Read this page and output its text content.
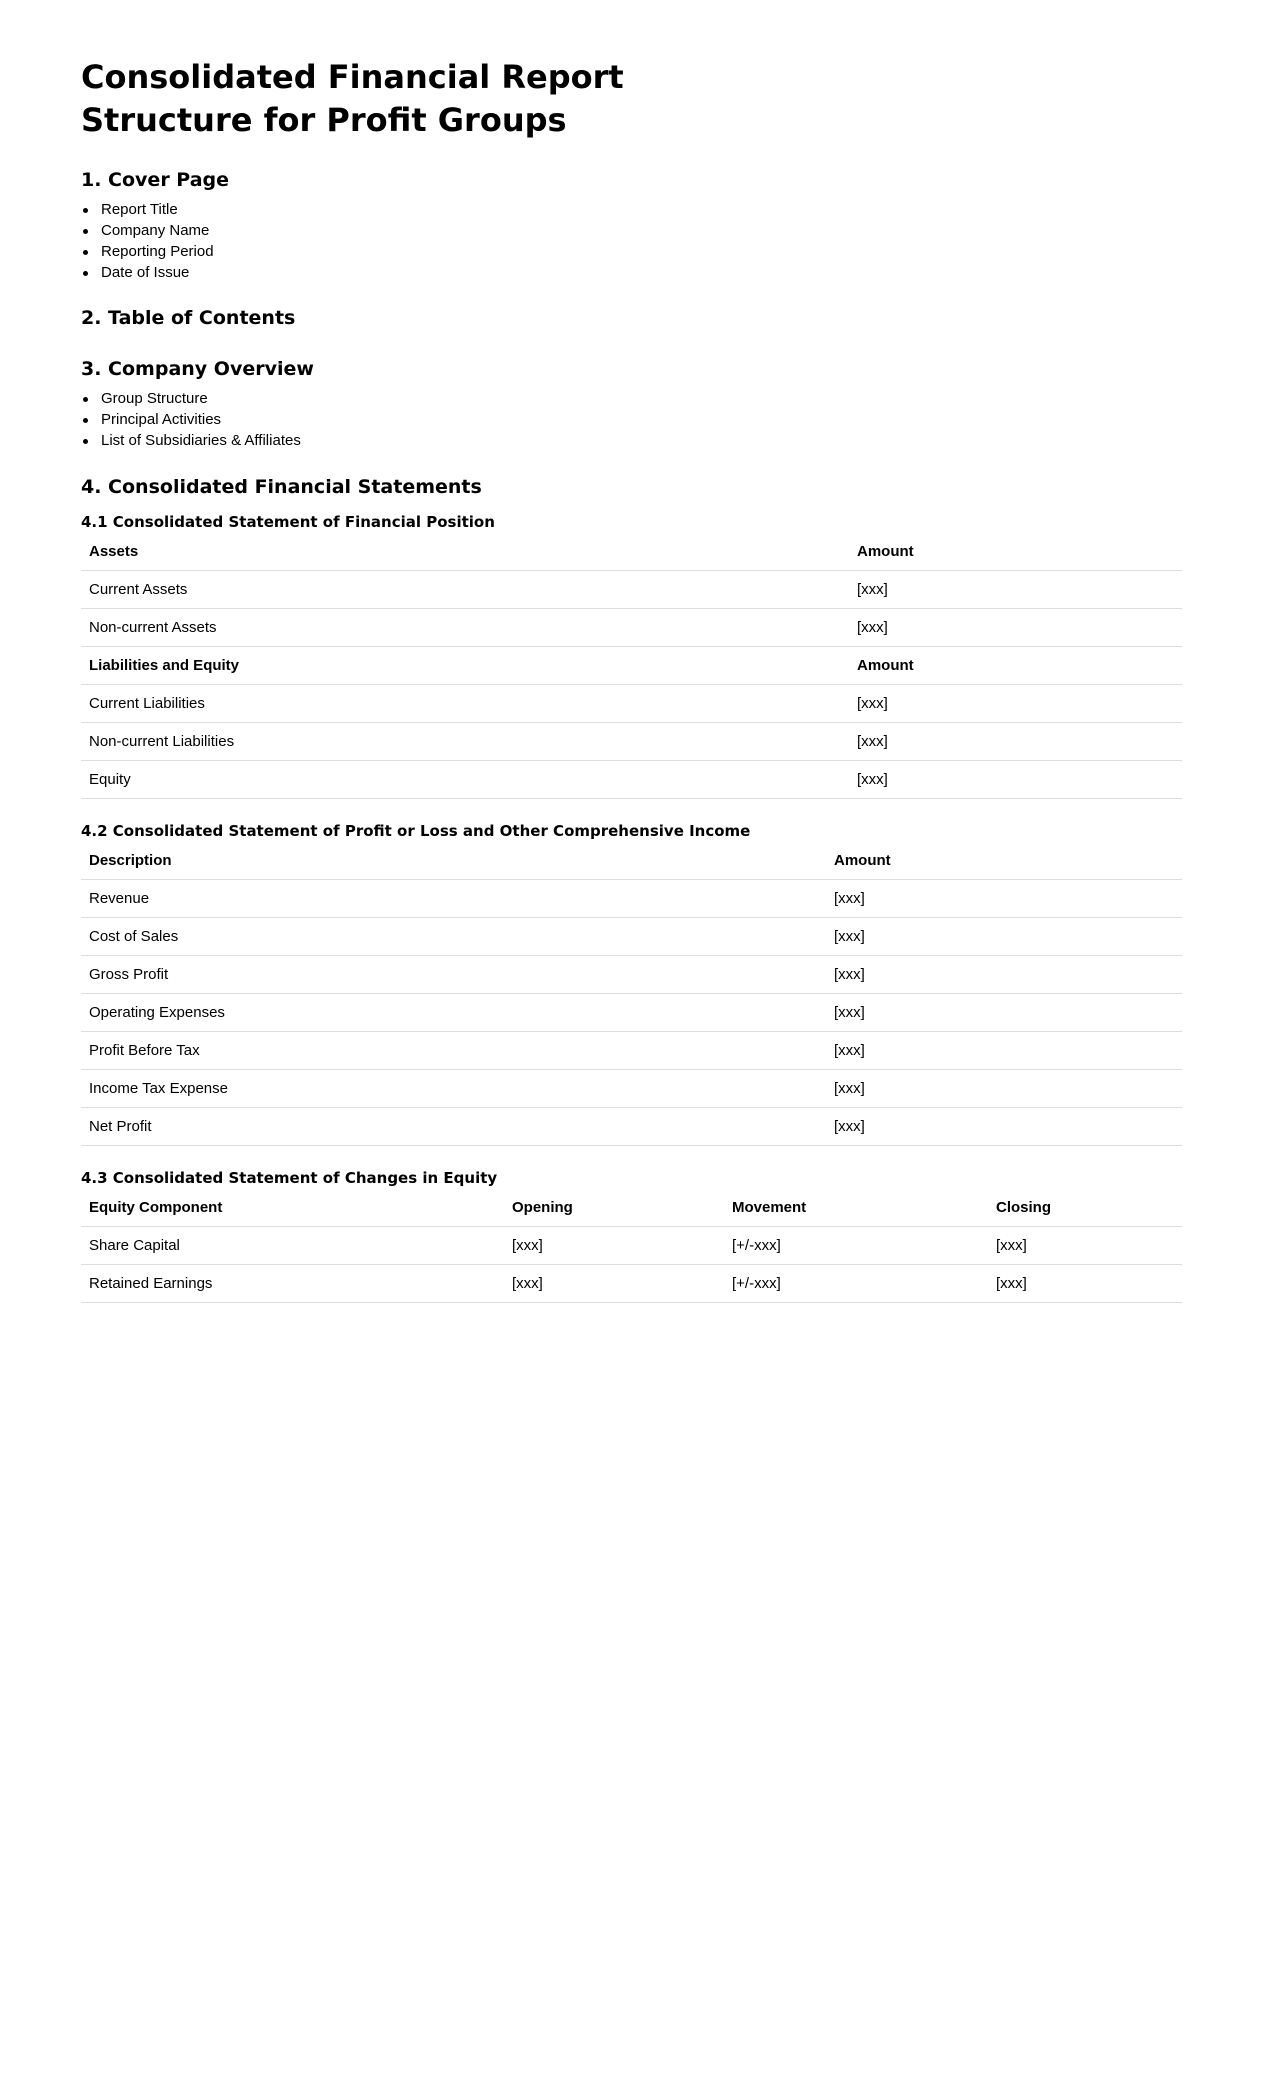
Consolidated Financial Report Structure for Profit Groups
1. Cover Page
Report Title
Company Name
Reporting Period
Date of Issue
2. Table of Contents
3. Company Overview
Group Structure
Principal Activities
List of Subsidiaries & Affiliates
4. Consolidated Financial Statements
4.1 Consolidated Statement of Financial Position
Assets	Amount
Current Assets	[xxx]
Non-current Assets	[xxx]
Liabilities and Equity	Amount
Current Liabilities	[xxx]
Non-current Liabilities	[xxx]
Equity	[xxx]
4.2 Consolidated Statement of Profit or Loss and Other Comprehensive Income
Description	Amount
Revenue	[xxx]
Cost of Sales	[xxx]
Gross Profit	[xxx]
Operating Expenses	[xxx]
Profit Before Tax	[xxx]
Income Tax Expense	[xxx]
Net Profit	[xxx]
4.3 Consolidated Statement of Changes in Equity
Equity Component	Opening	Movement	Closing
Share Capital	[xxx]	[+/-xxx]	[xxx]
Retained Earnings	[xxx]	[+/-xxx]	[xxx]
